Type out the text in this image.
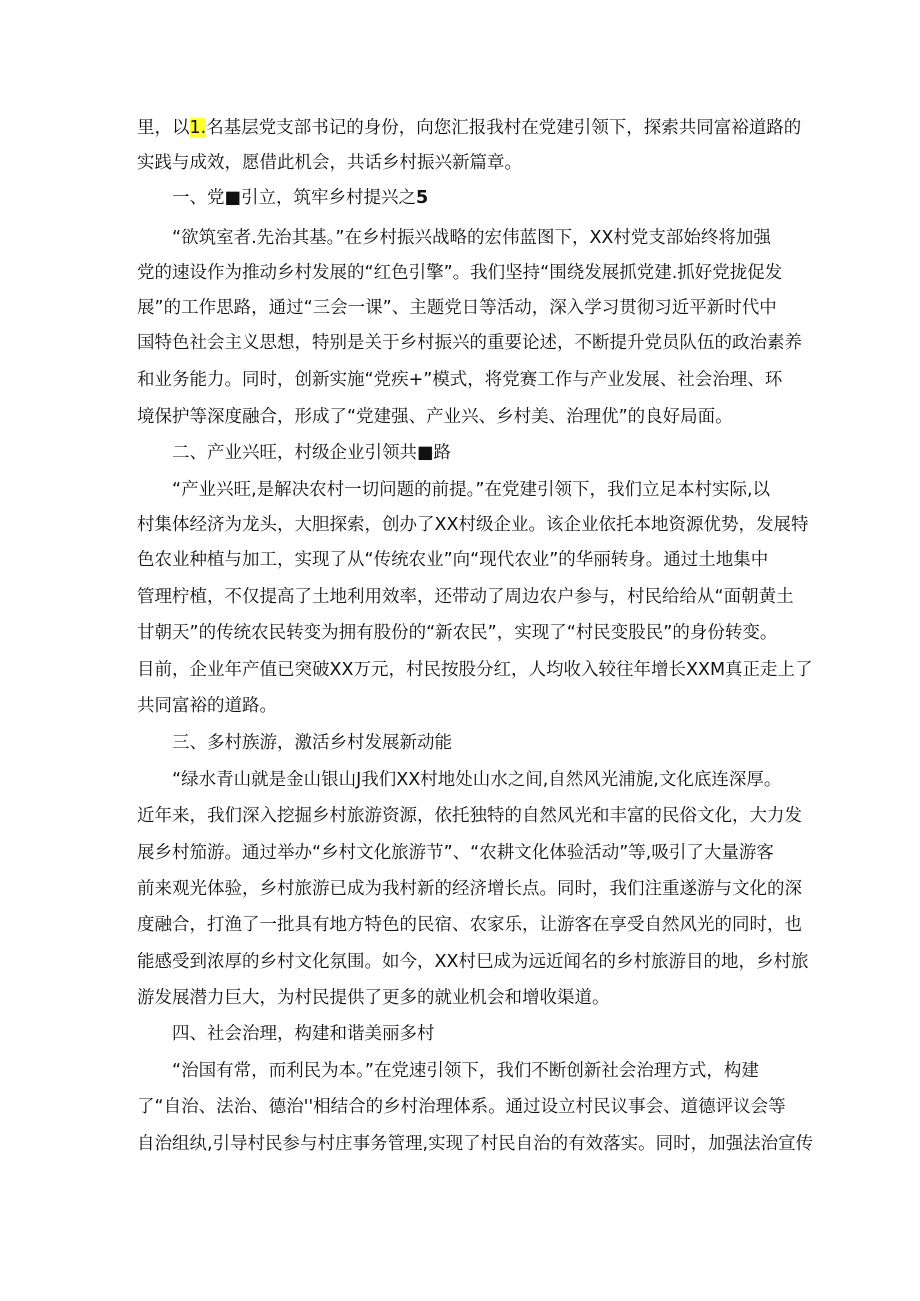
里，以1.名基层党支部书记的身份，向您汇报我村在党建引领下，探索共同富裕道路的
实践与成效，愿借此机会，共话乡村振兴新篇章。
一、党■引立，筑牢乡村提兴之5
“欲筑室者.先治其基。”在乡村振兴战略的宏伟蓝图下，XX村党支部始终将加强
党的速设作为推动乡村发展的“红色引擎”。我们坚持“围绕发展抓党建.抓好党拢促发
展”的工作思路，通过“三会一课”、主题党日等活动，深入学习贯彻习近平新时代中
国特色社会主义思想，特别是关于乡村振兴的重要论述，不断提升党员队伍的政治素养
和业务能力。同时，创新实施“党疾+”模式，将党赛工作与产业发展、社会治理、环
境保护等深度融合，形成了“党建强、产业兴、乡村美、治理优”的良好局面。
二、产业兴旺，村级企业引领共■路
“产业兴旺,是解决农村一切问题的前提。”在党建引领下，我们立足本村实际,以
村集体经济为龙头，大胆探索，创办了XX村级企业。该企业依托本地资源优势，发展特
色农业种植与加工，实现了从“传统农业”向“现代农业”的华丽转身。通过土地集中
管理柠植，不仅提高了土地利用效率，还带动了周边农户参与，村民给给从“面朝黄土
甘朝天”的传统农民转变为拥有股份的“新农民”，实现了“村民变股民”的身份转变。
目前，企业年产值已突破XX万元，村民按股分红，人均收入较往年增长XXM真正走上了
共同富裕的道路。
三、多村族游，激活乡村发展新动能
“绿水青山就是金山银山J我们XX村地处山水之间,自然风光浦旎,文化底连深厚。
近年来，我们深入挖掘乡村旅游资源，依托独特的自然风光和丰富的民俗文化，大力发
展乡村笳游。通过举办“乡村文化旅游节”、“农耕文化体验活动”等,吸引了大量游客
前来观光体验，乡村旅游已成为我村新的经济增长点。同时，我们注重遂游与文化的深
度融合，打渔了一批具有地方特色的民宿、农家乐，让游客在享受自然风光的同时，也
能感受到浓厚的乡村文化氛围。如今，XX村巳成为远近闻名的乡村旅游目的地，乡村旅
游发展潜力巨大，为村民提供了更多的就业机会和增收渠道。
四、社会治理，构建和谐美丽多村
“治国有常，而利民为本。”在党速引领下，我们不断创新社会治理方式，构建
了“自治、法治、德治''相结合的乡村治理体系。通过设立村民议事会、道德评议会等
自治组纨,引导村民参与村庄事务管理,实现了村民自治的有效落实。同时，加强法治宣传
